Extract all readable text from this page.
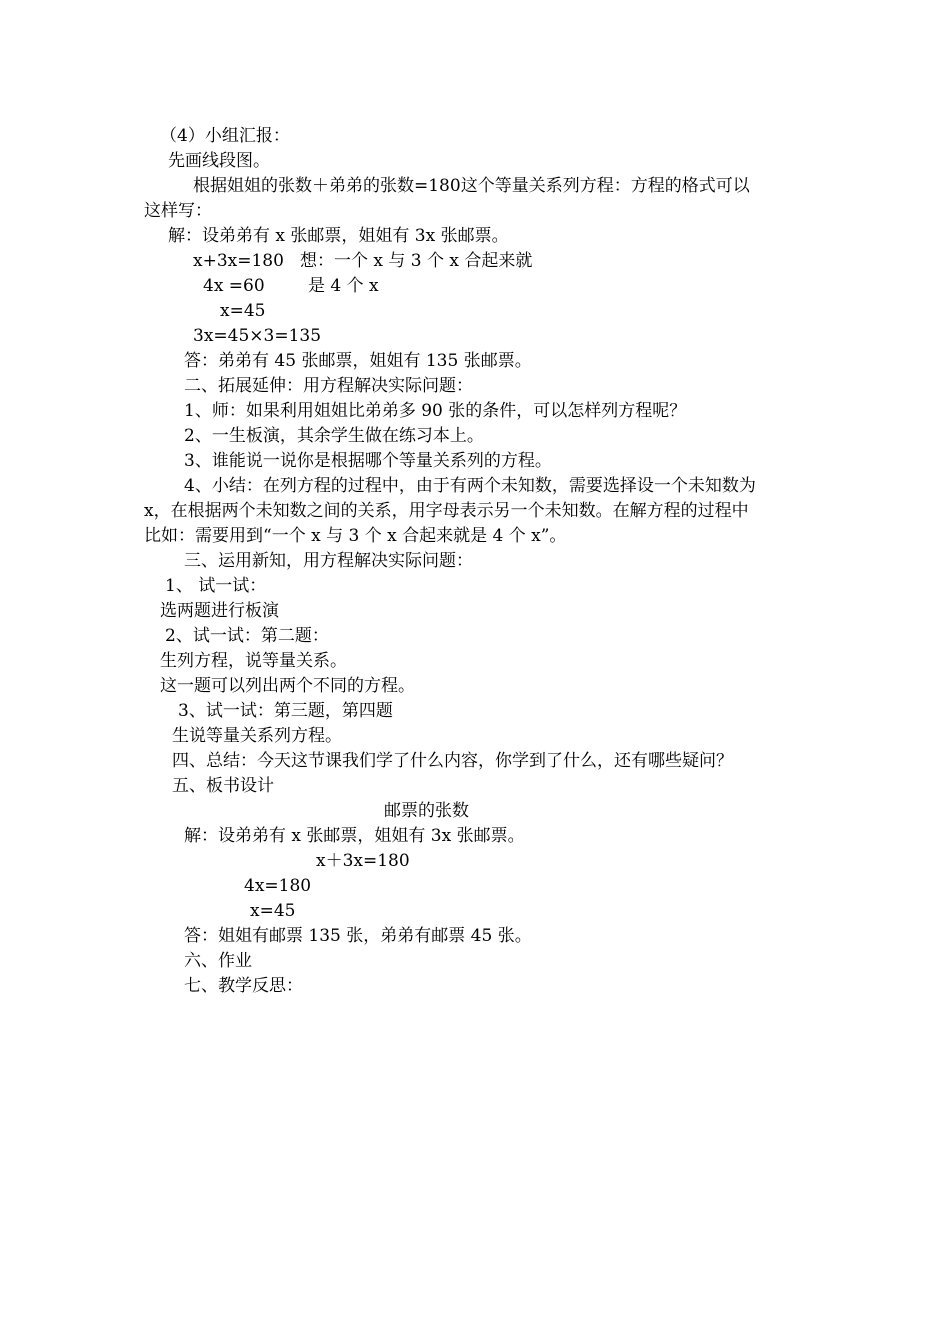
（4）小组汇报：
先画线段图。
根据姐姐的张数＋弟弟的张数=180这个等量关系列方程：方程的格式可以
这样写：
解：设弟弟有 x 张邮票，姐姐有 3x 张邮票。
x+3x=180 想：一个 x 与 3 个 x 合起来就
4x =60	是 4 个 x
x=45
3x=45×3=135
答：弟弟有 45 张邮票，姐姐有 135 张邮票。
二、拓展延伸：用方程解决实际问题：
1、师：如果利用姐姐比弟弟多 90 张的条件，可以怎样列方程呢？
2、一生板演，其余学生做在练习本上。
3、谁能说一说你是根据哪个等量关系列的方程。
4、小结：在列方程的过程中，由于有两个未知数，需要选择设一个未知数为
x，在根据两个未知数之间的关系，用字母表示另一个未知数。在解方程的过程中
比如：需要用到“一个 x 与 3 个 x 合起来就是 4 个 x”。
三、运用新知，用方程解决实际问题：
1、 试一试：
选两题进行板演
2、试一试：第二题：
生列方程，说等量关系。
这一题可以列出两个不同的方程。
3、试一试：第三题，第四题
生说等量关系列方程。
四、总结：今天这节课我们学了什么内容，你学到了什么，还有哪些疑问？
五、板书设计
邮票的张数
解：设弟弟有 x 张邮票，姐姐有 3x 张邮票。
x＋3x=180
4x=180
x=45
答：姐姐有邮票 135 张，弟弟有邮票 45 张。
六、作业
七、教学反思：
